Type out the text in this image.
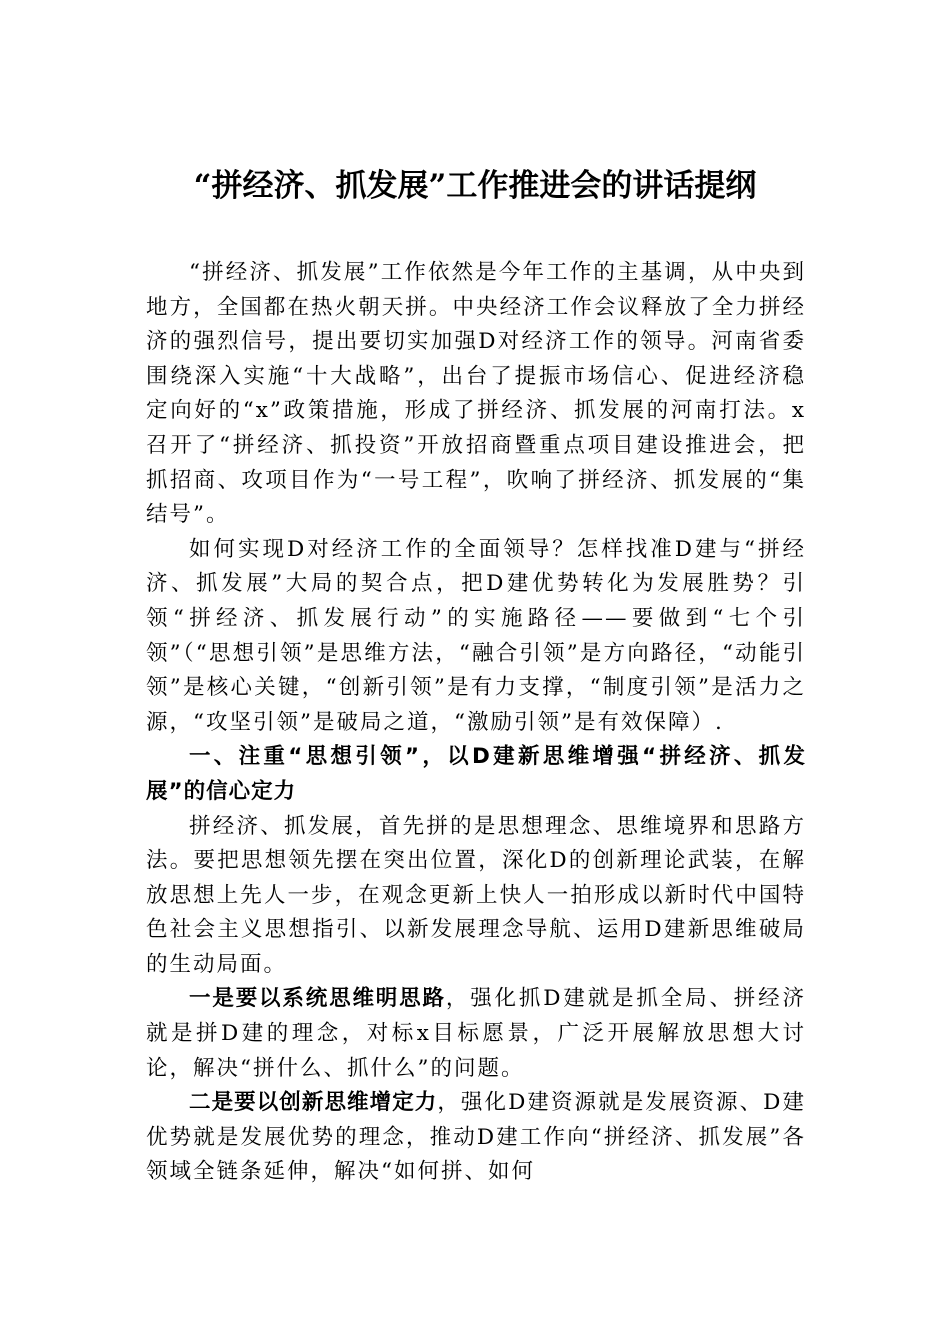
“拼经济、抓发展”工作推进会的讲话提纲

“拼经济、抓发展”工作依然是今年工作的主基调，从中央到地方，全国都在热火朝天拼。中央经济工作会议释放了全力拼经济的强烈信号，提出要切实加强D对经济工作的领导。河南省委围绕深入实施“十大战略”，出台了提振市场信心、促进经济稳定向好的“x”政策措施，形成了拼经济、抓发展的河南打法。x召开了“拼经济、抓投资”开放招商暨重点项目建设推进会，把抓招商、攻项目作为“一号工程”，吹响了拼经济、抓发展的“集结号”。

如何实现D对经济工作的全面领导？怎样找准D建与“拼经济、抓发展”大局的契合点，把D建优势转化为发展胜势？引领“拼经济、抓发展行动”的实施路径——要做到“七个引领”（“思想引领”是思维方法，“融合引领”是方向路径，“动能引领”是核心关键，“创新引领”是有力支撑，“制度引领”是活力之源，“攻坚引领”是破局之道，“激励引领”是有效保障）.

一、注重“思想引领”，以D建新思维增强“拼经济、抓发展”的信心定力

拼经济、抓发展，首先拼的是思想理念、思维境界和思路方法。要把思想领先摆在突出位置，深化D的创新理论武装，在解放思想上先人一步，在观念更新上快人一拍形成以新时代中国特色社会主义思想指引、以新发展理念导航、运用D建新思维破局的生动局面。

一是要以系统思维明思路，强化抓D建就是抓全局、拼经济就是拼D建的理念，对标x目标愿景，广泛开展解放思想大讨论，解决“拼什么、抓什么”的问题。

二是要以创新思维增定力，强化D建资源就是发展资源、D建优势就是发展优势的理念，推动D建工作向“拼经济、抓发展”各领域全链条延伸，解决“如何拼、如何
